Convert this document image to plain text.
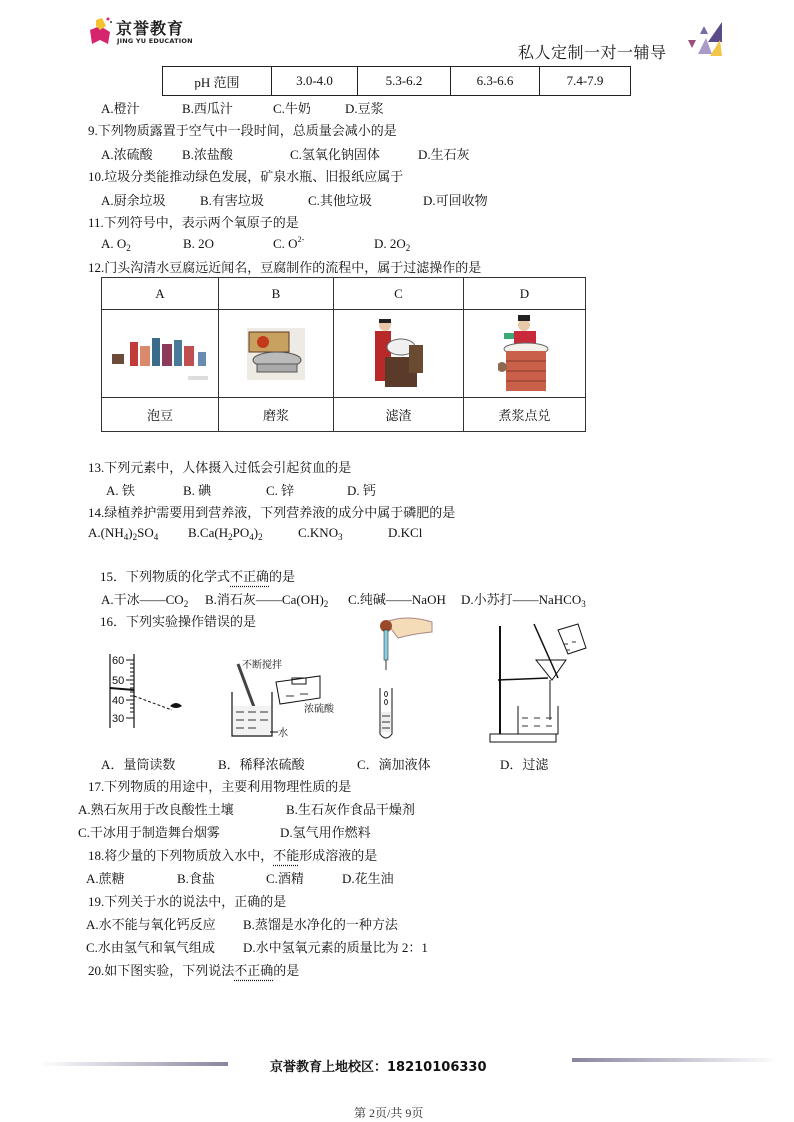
京誉教育
JING YU EDUCATION
私人定制一对一辅导
pH 范围	3.0-4.0	5.3-6.2	6.3-6.6	7.4-7.9
A.橙汁	B.西瓜汁	C.牛奶	D.豆浆
9.下列物质露置于空气中一段时间，总质量会减小的是
A.浓硫酸 B.浓盐酸	C.氢氧化钠固体	D.生石灰
10.垃圾分类能推动绿色发展，矿泉水瓶、旧报纸应属于
A.厨余垃圾	B.有害垃圾	C.其他垃圾	D.可回收物
11.下列符号中，表示两个氧原子的是
A. $O_2$	B. 2O	C. $O^{2-}$	D. $2O_2$
12.门头沟清水豆腐远近闻名，豆腐制作的流程中，属于过滤操作的是
A	B	C	D

泡豆	磨浆	滤渣	煮浆点兑
13.下列元素中，人体摄入过低会引起贫血的是
A. 铁	B. 碘	C. 锌	D. 钙
14.绿植养护需要用到营养液，下列营养液的成分中属于磷肥的是
$A.(NH_4)_2SO_4$ $B.Ca(H_2PO_4)_2$	$C.KNO_3$	D.KCl
15．下列物质的化学式不正确的是
A.干冰$——CO_2$ B.消石灰$——Ca(OH)_2$ C.纯碱——NaOH D.小苏打——NaHCO$_3$
16．下列实验操作错误的是
60
50
40
30
不断搅拌
浓硫酸
水
A．量筒读数	B．稀释浓硫酸	C．滴加液体	D．过滤
17.下列物质的用途中，主要利用物理性质的是
A.熟石灰用于改良酸性土壤	B.生石灰作食品干燥剂
C.干冰用于制造舞台烟雾	D.氢气用作燃料
18.将少量的下列物质放入水中，不能形成溶液的是
A.蔗糖	B.食盐	C.酒精	D.花生油
19.下列关于水的说法中，正确的是
A.水不能与氧化钙反应 B.蒸馏是水净化的一种方法
C.水由氢气和氧气组成 D.水中氢氧元素的质量比为 2：1
20.如下图实验，下列说法不正确的是
京誉教育上地校区：18210106330
第 2页/共 9页
